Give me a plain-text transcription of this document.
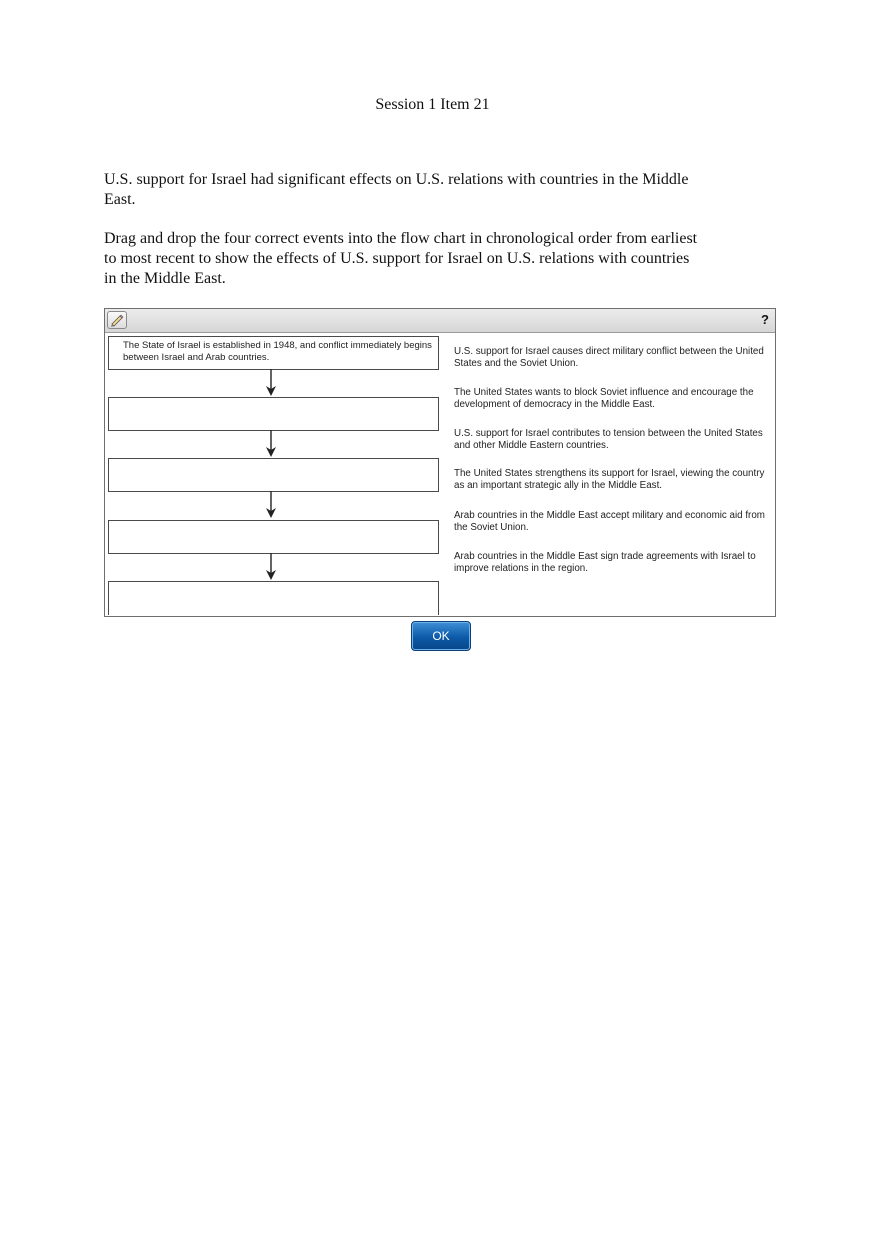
Session 1 Item 21

U.S. support for Israel had significant effects on U.S. relations with countries in the Middle East.

Drag and drop the four correct events into the flow chart in chronological order from earliest to most recent to show the effects of U.S. support for Israel on U.S. relations with countries in the Middle East.

?
The State of Israel is established in 1948, and conflict immediately begins between Israel and Arab countries.
U.S. support for Israel causes direct military conflict between the United States and the Soviet Union.
The United States wants to block Soviet influence and encourage the development of democracy in the Middle East.
U.S. support for Israel contributes to tension between the United States and other Middle Eastern countries.
The United States strengthens its support for Israel, viewing the country as an important strategic ally in the Middle East.
Arab countries in the Middle East accept military and economic aid from the Soviet Union.
Arab countries in the Middle East sign trade agreements with Israel to improve relations in the region.
OK
